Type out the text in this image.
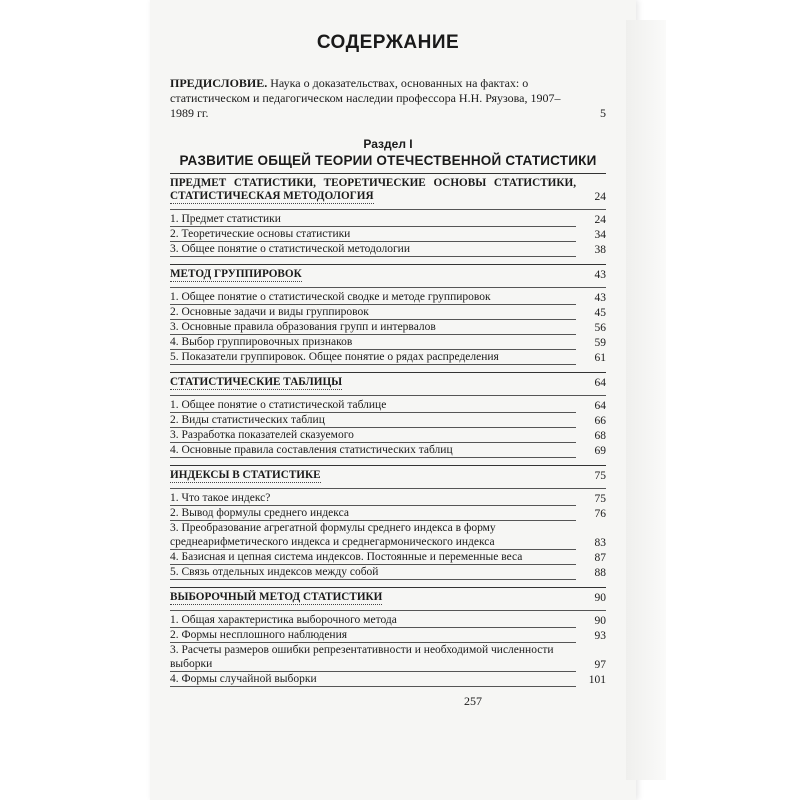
СОДЕРЖАНИЕ
ПРЕДИСЛОВИЕ. Наука о доказательствах, основанных на фактах: о статистическом и педагогическом наследии профессора Н.Н. Ряузова, 1907–1989 гг.	5
Раздел I
РАЗВИТИЕ ОБЩЕЙ ТЕОРИИ ОТЕЧЕСТВЕННОЙ СТАТИСТИКИ
ПРЕДМЕТ СТАТИСТИКИ, ТЕОРЕТИЧЕСКИЕ ОСНОВЫ СТАТИСТИКИ,
СТАТИСТИЧЕСКАЯ МЕТОДОЛОГИЯ	24
1. Предмет статистики	24
2. Теоретические основы статистики	34
3. Общее понятие о статистической методологии	38
МЕТОД ГРУППИРОВОК	43
1. Общее понятие о статистической сводке и методе группировок	43
2. Основные задачи и виды группировок	45
3. Основные правила образования групп и интервалов	56
4. Выбор группировочных признаков	59
5. Показатели группировок. Общее понятие о рядах распределения	61
СТАТИСТИЧЕСКИЕ ТАБЛИЦЫ	64
1. Общее понятие о статистической таблице	64
2. Виды статистических таблиц	66
3. Разработка показателей сказуемого	68
4. Основные правила составления статистических таблиц	69
ИНДЕКСЫ В СТАТИСТИКЕ	75
1. Что такое индекс?	75
2. Вывод формулы среднего индекса	76
3. Преобразование агрегатной формулы среднего индекса в форму среднеарифметического индекса и среднегармонического индекса	83
4. Базисная и цепная система индексов. Постоянные и переменные веса	87
5. Связь отдельных индексов между собой	88
ВЫБОРОЧНЫЙ МЕТОД СТАТИСТИКИ	90
1. Общая характеристика выборочного метода	90
2. Формы несплошного наблюдения	93
3. Расчеты размеров ошибки репрезентативности и необходимой численности выборки	97
4. Формы случайной выборки	101
257
